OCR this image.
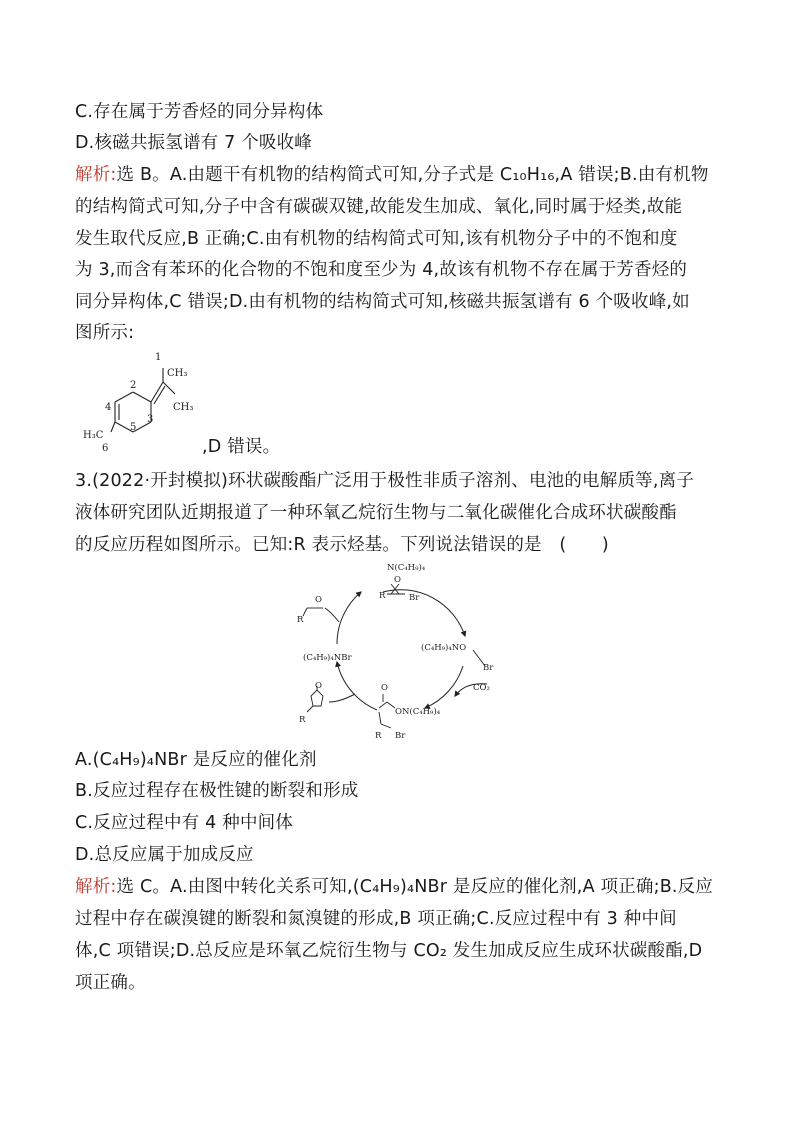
C.存在属于芳香烃的同分异构体
D.核磁共振氢谱有 7 个吸收峰
解析:选 B。A.由题干有机物的结构简式可知,分子式是 C₁₀H₁₆,A 错误;B.由有机物
的结构简式可知,分子中含有碳碳双键,故能发生加成、氧化,同时属于烃类,故能
发生取代反应,B 正确;C.由有机物的结构简式可知,该有机物分子中的不饱和度
为 3,而含有苯环的化合物的不饱和度至少为 4,故该有机物不存在属于芳香烃的
同分异构体,C 错误;D.由有机物的结构简式可知,核磁共振氢谱有 6 个吸收峰,如
图所示:
1
CH₃
2
CH₃
4
3
5
H₃C
6	,D 错误。
3.(2022·开封模拟)环状碳酸酯广泛用于极性非质子溶剂、电池的电解质等,离子
液体研究团队近期报道了一种环氧乙烷衍生物与二氧化碳催化合成环状碳酸酯
的反应历程如图所示。已知:R 表示烃基。下列说法错误的是　(　　)
N(C₄H₉)₄
O
R	Br
O
R
(C₄H₉)₄NO
Br
CO₂
(C₄H₉)₄NBr
O
ON(C₄H₉)₄
R Br
O
R
A.(C₄H₉)₄NBr 是反应的催化剂
B.反应过程存在极性键的断裂和形成
C.反应过程中有 4 种中间体
D.总反应属于加成反应
解析:选 C。A.由图中转化关系可知,(C₄H₉)₄NBr 是反应的催化剂,A 项正确;B.反应
过程中存在碳溴键的断裂和氮溴键的形成,B 项正确;C.反应过程中有 3 种中间
体,C 项错误;D.总反应是环氧乙烷衍生物与 CO₂ 发生加成反应生成环状碳酸酯,D
项正确。
